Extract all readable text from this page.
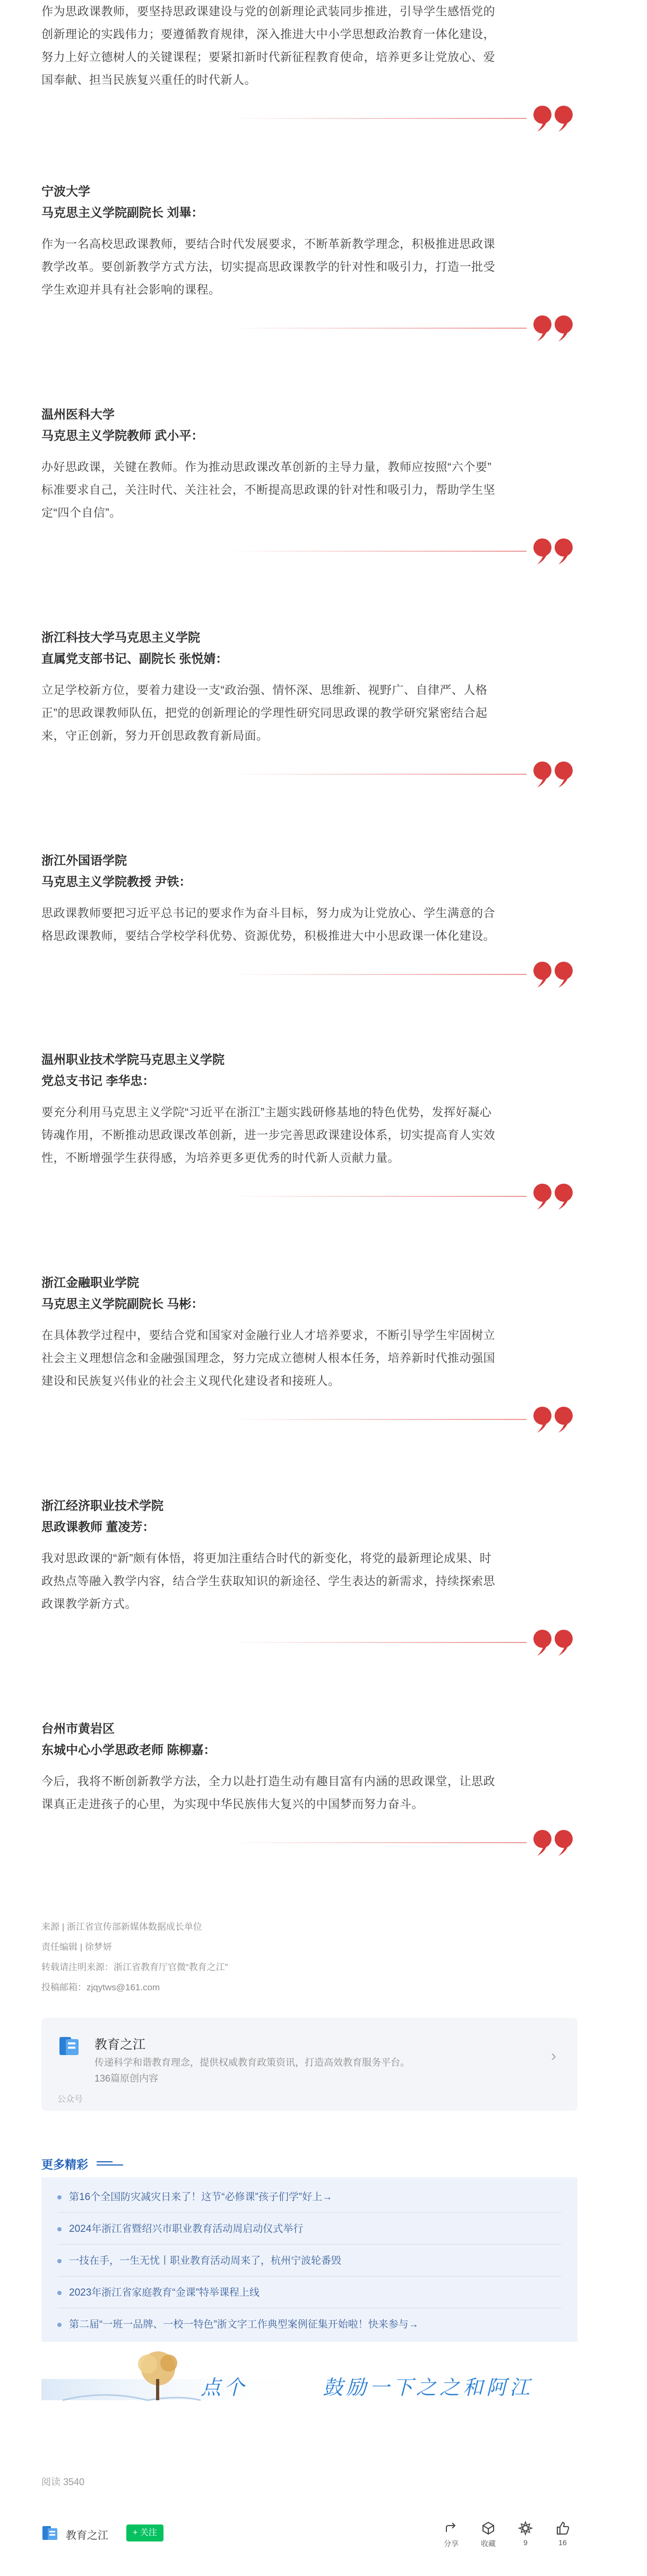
作为思政课教师，要坚持思政课建设与党的创新理论武装同步推进，引导学生感悟党的
创新理论的实践伟力；要遵循教育规律，深入推进大中小学思想政治教育一体化建设，
努力上好立德树人的关键课程；要紧扣新时代新征程教育使命，培养更多让党放心、爱
国奉献、担当民族复兴重任的时代新人。

宁波大学
马克思主义学院副院长 刘畢：

作为一名高校思政课教师，要结合时代发展要求，不断革新教学理念，积极推进思政课
教学改革。要创新教学方式方法，切实提高思政课教学的针对性和吸引力，打造一批受
学生欢迎并具有社会影响的课程。

温州医科大学
马克思主义学院教师 武小平：

办好思政课，关键在教师。作为推动思政课改革创新的主导力量，教师应按照“六个要”
标准要求自己，关注时代、关注社会，不断提高思政课的针对性和吸引力，帮助学生坚
定“四个自信”。

浙江科技大学马克思主义学院
直属党支部书记、副院长 张悦婧：

立足学校新方位，要着力建设一支“政治强、情怀深、思维新、视野广、自律严、人格
正”的思政课教师队伍，把党的创新理论的学理性研究同思政课的教学研究紧密结合起
来，守正创新，努力开创思政教育新局面。

浙江外国语学院
马克思主义学院教授 尹铁：

思政课教师要把习近平总书记的要求作为奋斗目标，努力成为让党放心、学生满意的合
格思政课教师，要结合学校学科优势、资源优势，积极推进大中小思政课一体化建设。

温州职业技术学院马克思主义学院
党总支书记 李华忠：

要充分利用马克思主义学院“习近平在浙江”主题实践研修基地的特色优势，发挥好凝心
铸魂作用，不断推动思政课改革创新，进一步完善思政课建设体系，切实提高育人实效
性，不断增强学生获得感，为培养更多更优秀的时代新人贡献力量。

浙江金融职业学院
马克思主义学院副院长 马彬：

在具体教学过程中，要结合党和国家对金融行业人才培养要求，不断引导学生牢固树立
社会主义理想信念和金融强国理念，努力完成立德树人根本任务，培养新时代推动强国
建设和民族复兴伟业的社会主义现代化建设者和接班人。

浙江经济职业技术学院
思政课教师 董凌芳：

我对思政课的“新”颇有体悟，将更加注重结合时代的新变化，将党的最新理论成果、时
政热点等融入教学内容，结合学生获取知识的新途径、学生表达的新需求，持续探索思
政课教学新方式。

台州市黄岩区
东城中心小学思政老师 陈柳嘉：

今后，我将不断创新教学方法，全力以赴打造生动有趣目富有内涵的思政课堂，让思政
课真正走进孩子的心里，为实现中华民族伟大复兴的中国梦而努力奋斗。

来源 | 浙江省宣传部新媒体数据成长单位
责任编辑 | 徐梦妍
转载请注明来源：浙江省教育厅官微“教育之江”
投稿邮箱：zjqytws@161.com
教育之江
传递科学和谐教育理念，提供权威教育政策资讯，打造高效教育服务平台。
136篇原创内容
›
公众号
更多精彩
第16个全国防灾减灾日来了！这节“必修课”孩子们学”好上→
2024年浙江省暨绍兴市职业教育活动周启动仪式举行
一技在手，一生无忧丨职业教育活动周来了，杭州宁波轮番毁
2023年浙江省家庭教育“金课”特举课程上线
第二届“一班一品牌、一校一特色”浙文字工作典型案例征集开始啦！快来参与→
点个	鼓励一下之之和阿江
阅读 3540
教育之江	+ 关注
分享	收藏	9	16
